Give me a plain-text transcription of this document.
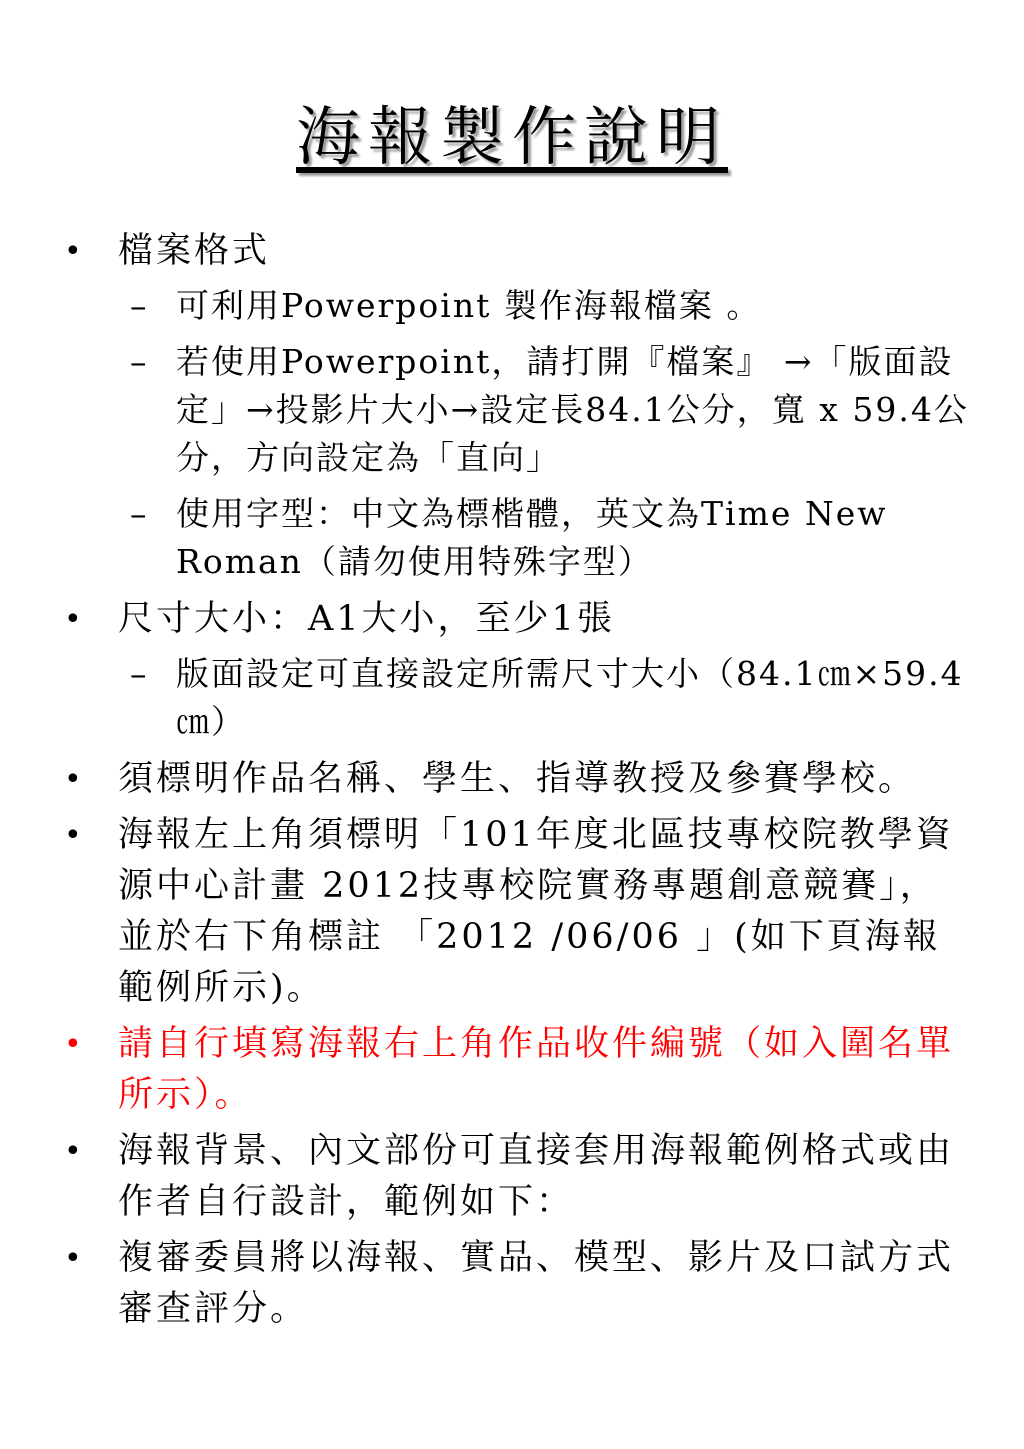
海報製作說明
• 檔案格式
– 可利用Powerpoint 製作海報檔案 。
– 若使用Powerpoint，請打開『檔案』 →「版面設定」→投影片大小→設定長84.1公分，寬 x 59.4公分，方向設定為「直向」
– 使用字型：中文為標楷體，英文為Time New Roman（請勿使用特殊字型）
• 尺寸大小：A1大小，至少1張
– 版面設定可直接設定所需尺寸大小（84.1㎝×59.4㎝）
• 須標明作品名稱、學生、指導教授及參賽學校。
• 海報左上角須標明「101年度北區技專校院教學資源中心計畫 2012技專校院實務專題創意競賽」，並於右下角標註 「2012 /06/06 」(如下頁海報範例所示)。
• 請自行填寫海報右上角作品收件編號（如入圍名單所示）。
• 海報背景、內文部份可直接套用海報範例格式或由作者自行設計，範例如下：
• 複審委員將以海報、實品、模型、影片及口試方式審查評分。
